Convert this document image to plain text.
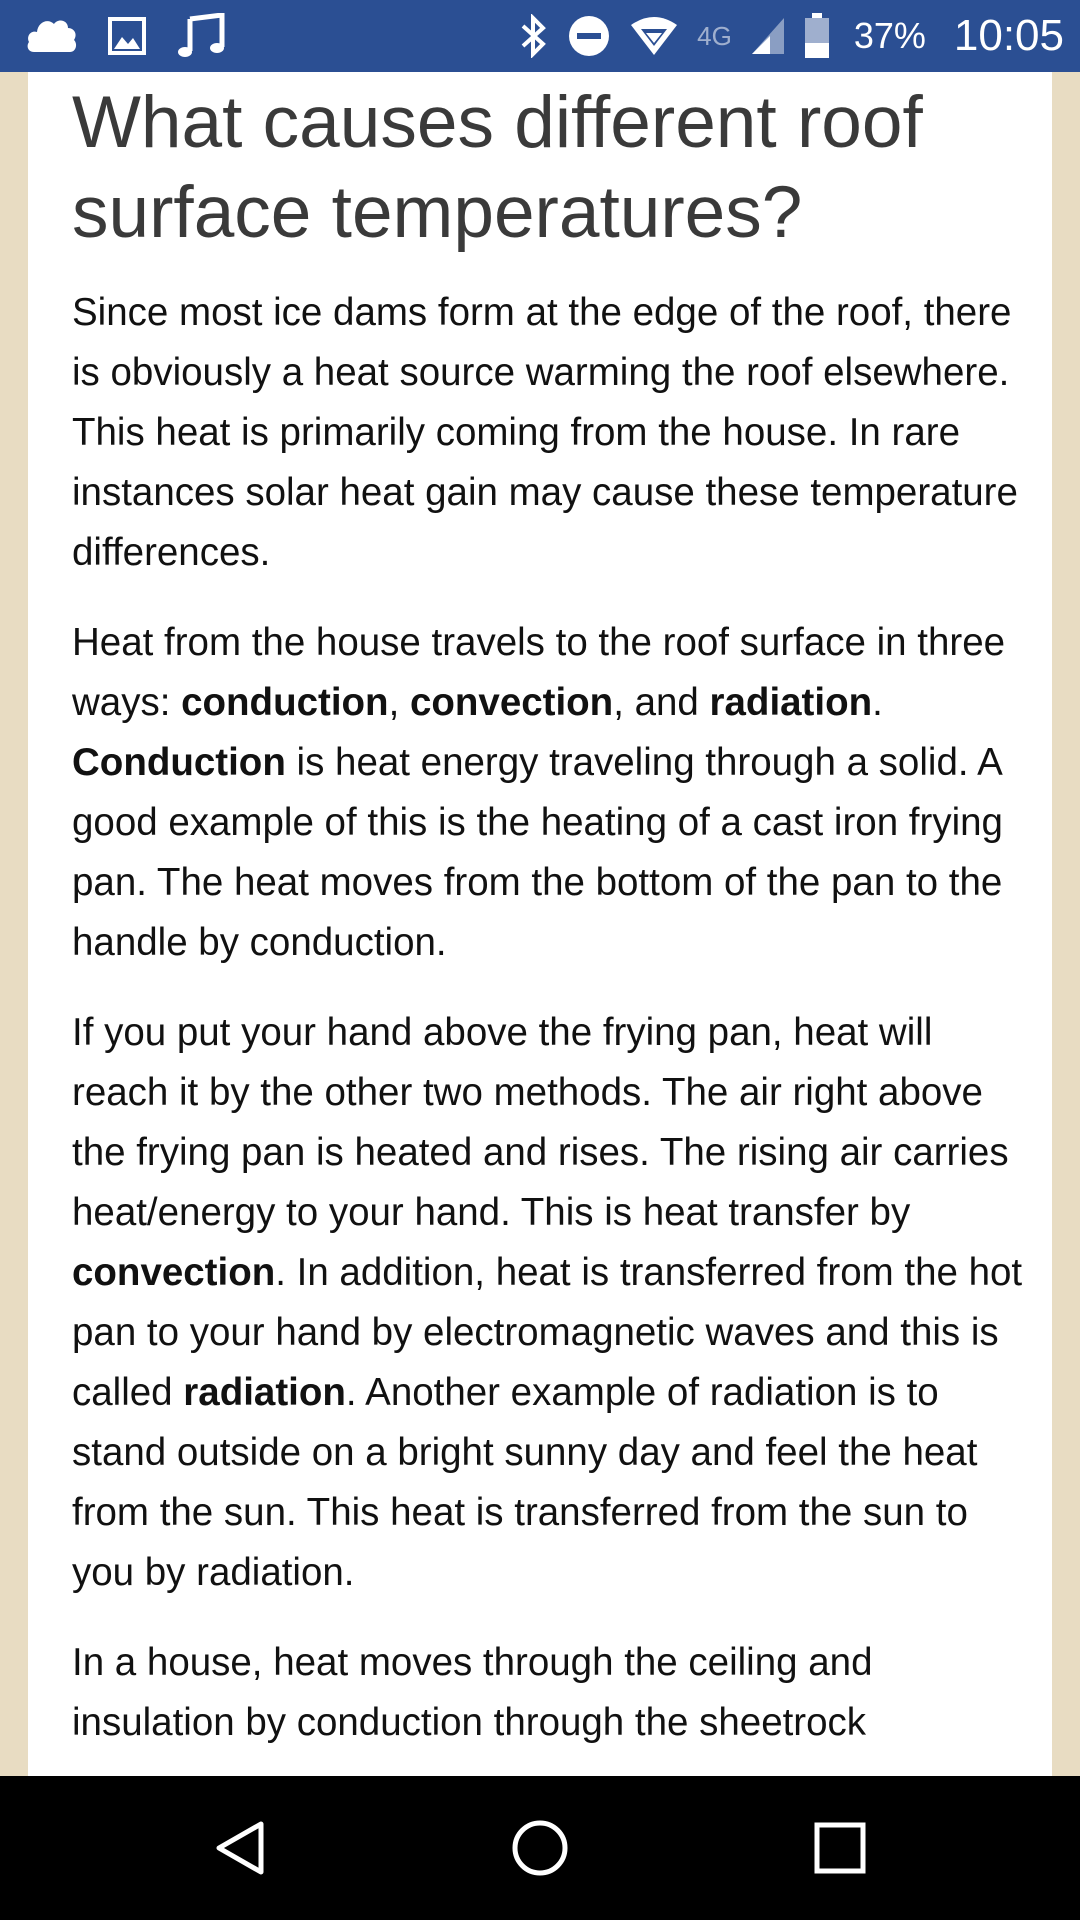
4G	37% 10:05
What causes different roof surface temperatures?

Since most ice dams form at the edge of the roof, there is obviously a heat source warming the roof elsewhere. This heat is primarily coming from the house. In rare instances solar heat gain may cause these temperature differences.

Heat from the house travels to the roof surface in three ways: conduction, convection, and radiation. Conduction is heat energy traveling through a solid. A good example of this is the heating of a cast iron frying pan. The heat moves from the bottom of the pan to the handle by conduction.

If you put your hand above the frying pan, heat will reach it by the other two methods. The air right above the frying pan is heated and rises. The rising air carries heat/energy to your hand. This is heat transfer by convection. In addition, heat is transferred from the hot pan to your hand by electromagnetic waves and this is called radiation. Another example of radiation is to stand outside on a bright sunny day and feel the heat from the sun. This heat is transferred from the sun to you by radiation.

In a house, heat moves through the ceiling and insulation by conduction through the sheetrock
